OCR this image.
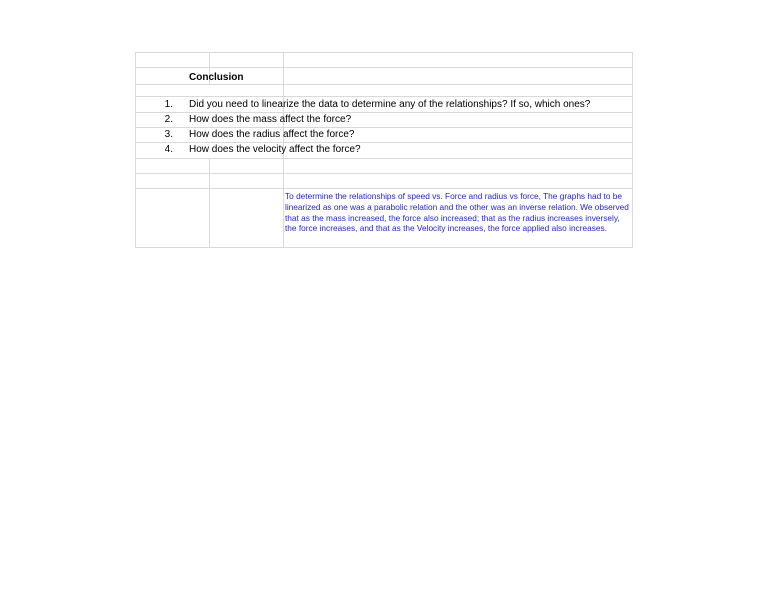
Conclusion
1. Did you need to linearize the data to determine any of the relationships? If so, which ones?
2. How does the mass affect the force?
3. How does the radius affect the force?
4. How does the velocity affect the force?
To determine the relationships of speed vs. Force and radius vs force, The graphs had to be linearized as one was a parabolic relation and the other was an inverse relation. We observed that as the mass increased, the force also increased; that as the radius increases inversely, the force increases, and that as the Velocity increases, the force applied also increases.
